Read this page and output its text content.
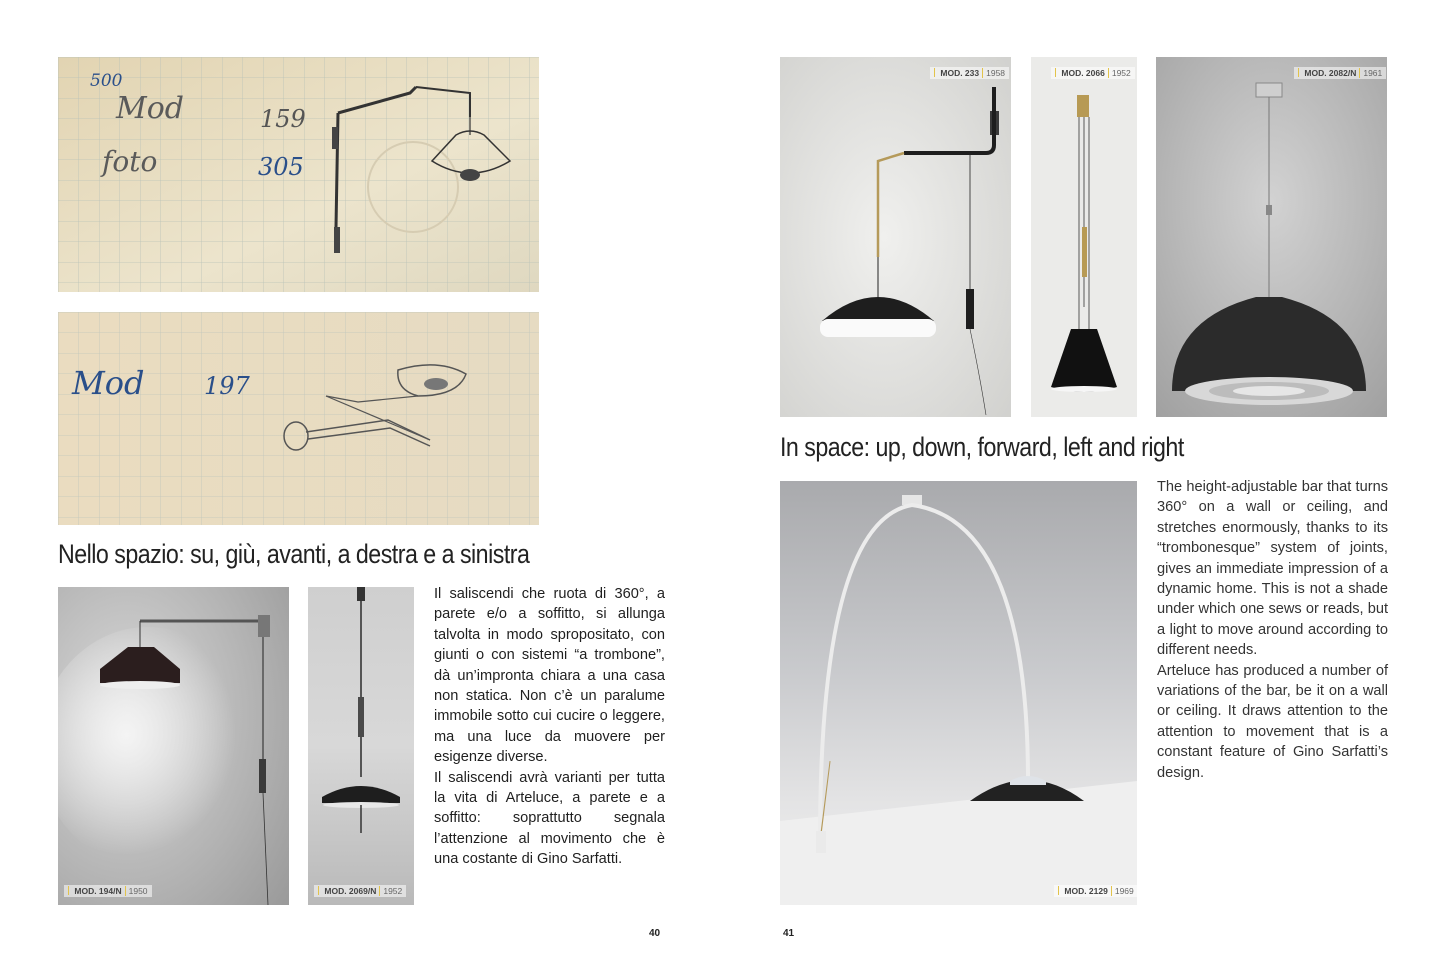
500
Mod	159
foto	305
Mod 197
Nello spazio: su, giù, avanti, a destra e a sinistra
MOD. 194/N 1950	MOD. 2069/N 1952

Il saliscendi che ruota di 360°, a parete e/o a soffitto, si allunga talvolta in modo spropositato, con giunti o con sistemi “a trombone”, dà un’impronta chiara a una casa non statica. Non c’è un paralume immobile sotto cui cucire o leggere, ma una luce da muovere per esigenze diverse.

Il saliscendi avrà varianti per tutta la vita di Arteluce, a parete e a soffitto: soprattutto segnala l’attenzione al movimento che è una costante di Gino Sarfatti.

40
MOD. 233 1958	MOD. 2066 1952	MOD. 2082/N 1961
In space: up, down, forward, left and right
MOD. 2129 1969

The height-adjustable bar that turns 360° on a wall or ceiling, and stretches enormously, thanks to its “trombonesque” system of joints, gives an immediate impression of a dynamic home. This is not a shade under which one sews or reads, but a light to move around according to different needs.

Arteluce has produced a number of variations of the bar, be it on a wall or ceiling. It draws attention to the attention to movement that is a constant feature of Gino Sarfatti’s design.

41
